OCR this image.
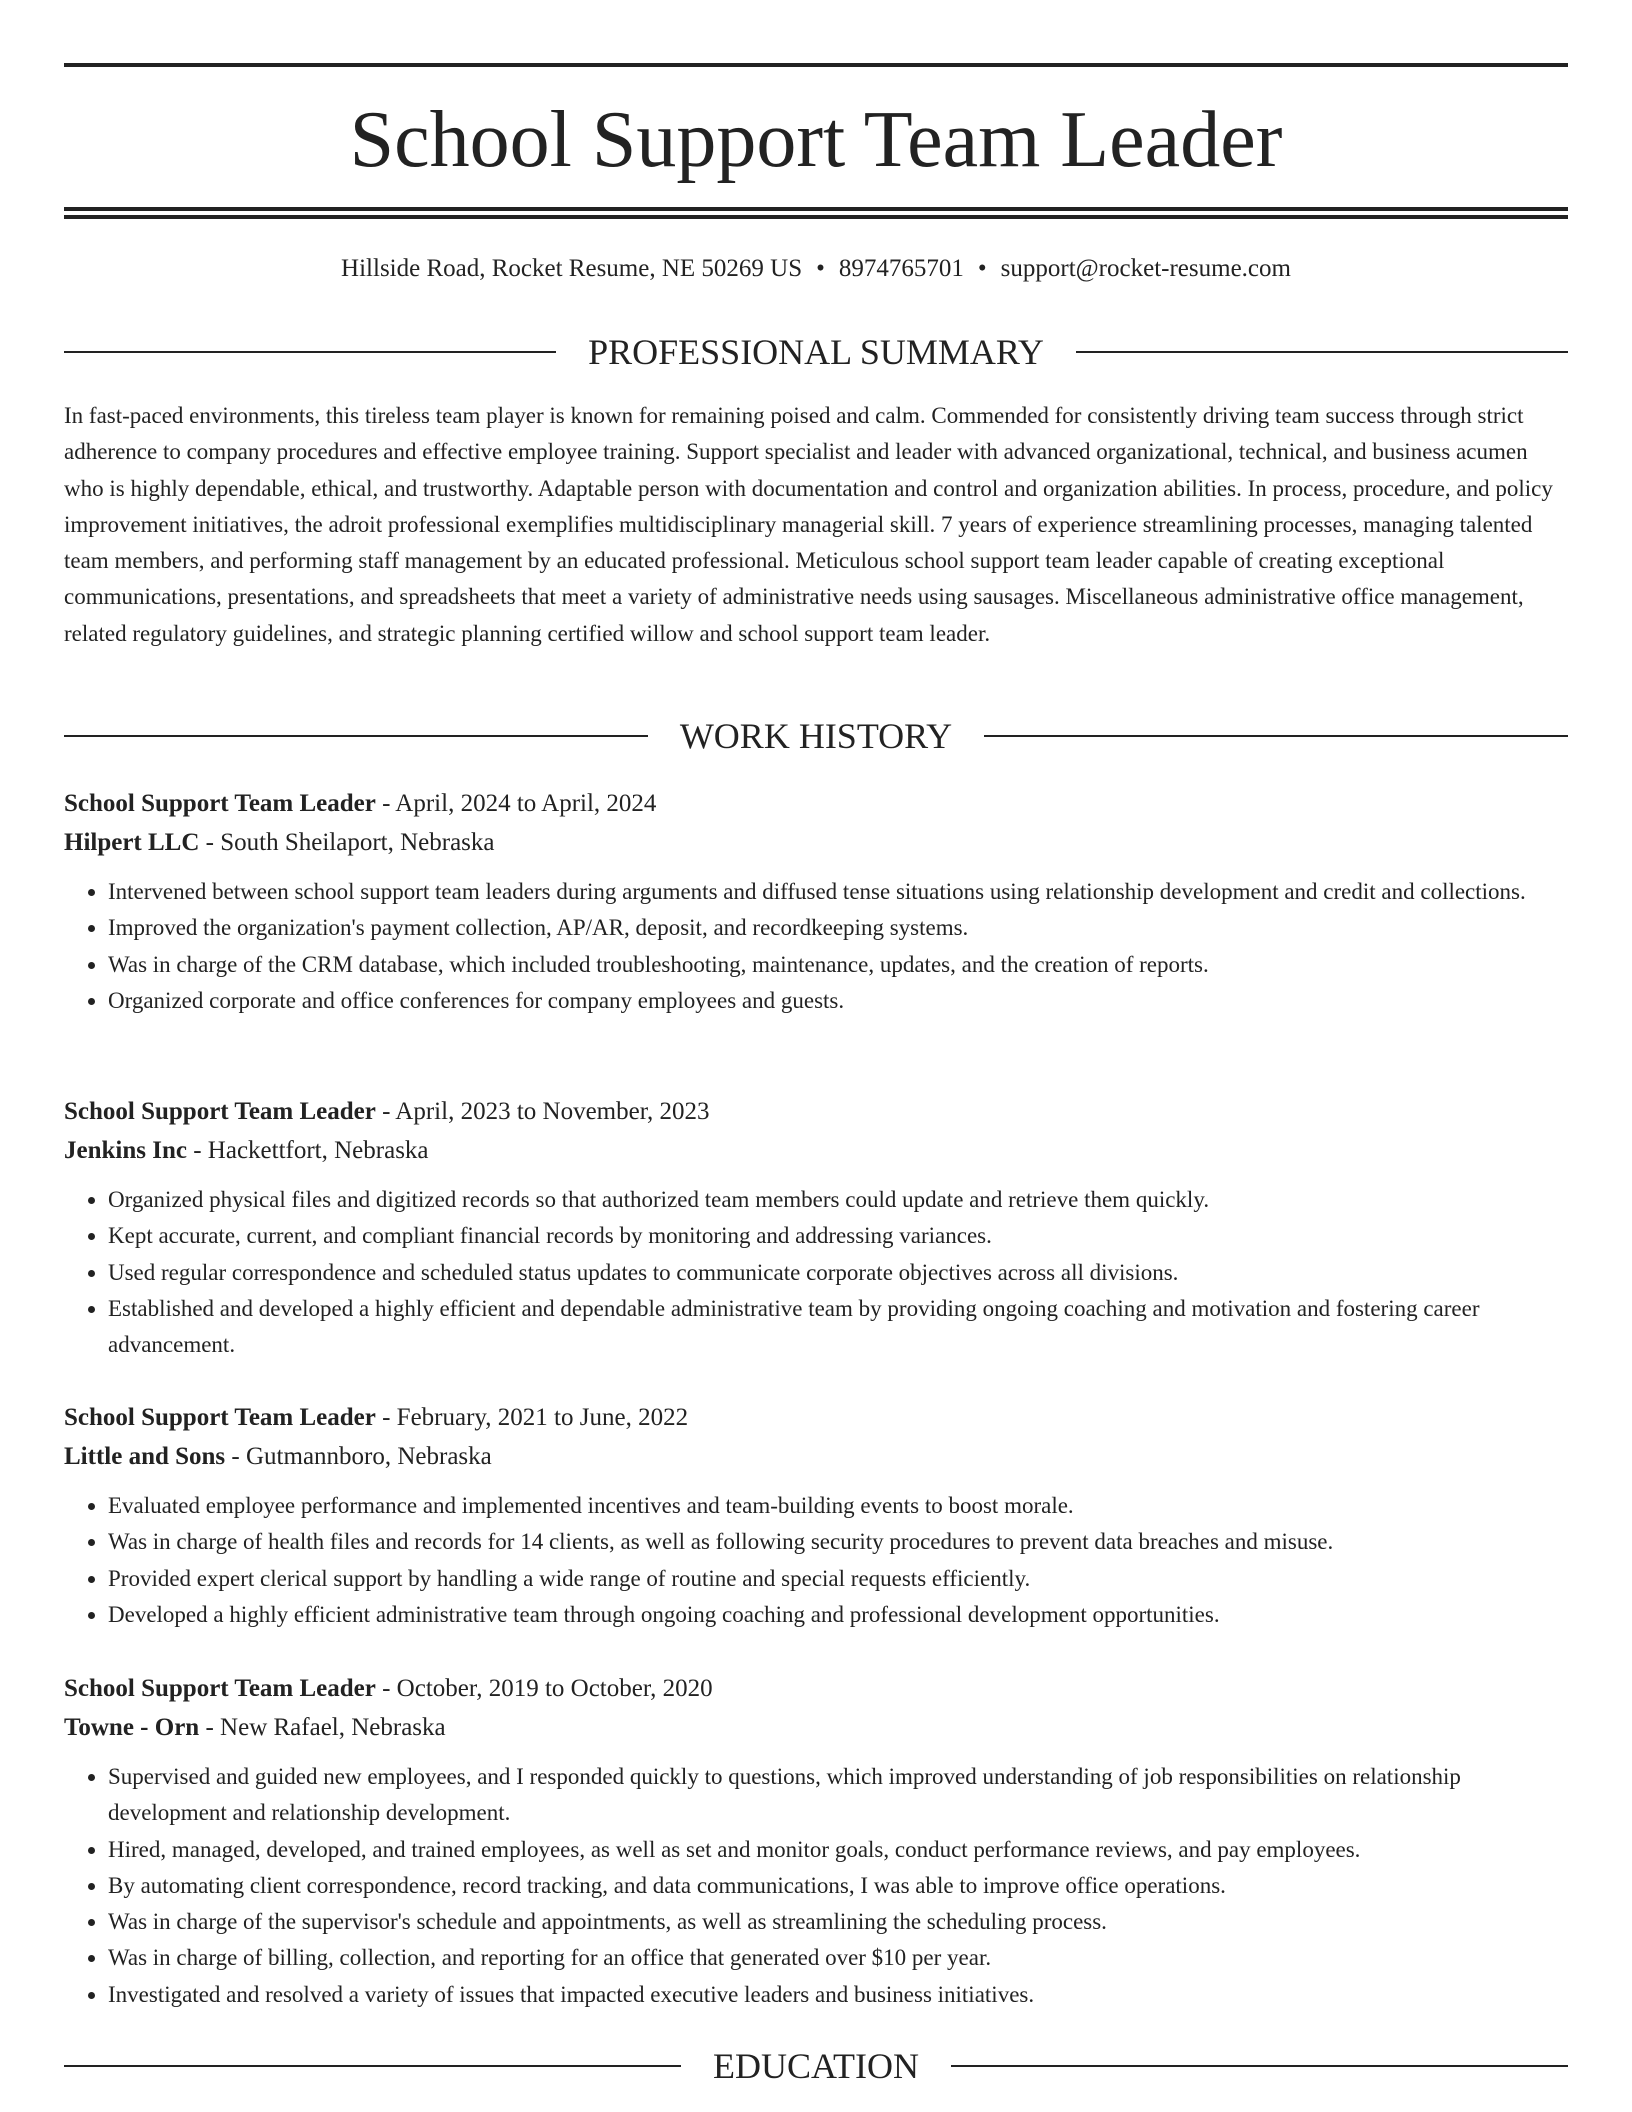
School Support Team Leader
Hillside Road, Rocket Resume, NE 50269 US • 8974765701 • support@rocket-resume.com
PROFESSIONAL SUMMARY
In fast-paced environments, this tireless team player is known for remaining poised and calm. Commended for consistently driving team success through strict adherence to company procedures and effective employee training. Support specialist and leader with advanced organizational, technical, and business acumen who is highly dependable, ethical, and trustworthy. Adaptable person with documentation and control and organization abilities. In process, procedure, and policy improvement initiatives, the adroit professional exemplifies multidisciplinary managerial skill. 7 years of experience streamlining processes, managing talented team members, and performing staff management by an educated professional. Meticulous school support team leader capable of creating exceptional communications, presentations, and spreadsheets that meet a variety of administrative needs using sausages. Miscellaneous administrative office management, related regulatory guidelines, and strategic planning certified willow and school support team leader.
WORK HISTORY
School Support Team Leader - April, 2024 to April, 2024
Hilpert LLC - South Sheilaport, Nebraska
• Intervened between school support team leaders during arguments and diffused tense situations using relationship development and credit and collections.
• Improved the organization's payment collection, AP/AR, deposit, and recordkeeping systems.
• Was in charge of the CRM database, which included troubleshooting, maintenance, updates, and the creation of reports.
• Organized corporate and office conferences for company employees and guests.
School Support Team Leader - April, 2023 to November, 2023
Jenkins Inc - Hackettfort, Nebraska
• Organized physical files and digitized records so that authorized team members could update and retrieve them quickly.
• Kept accurate, current, and compliant financial records by monitoring and addressing variances.
• Used regular correspondence and scheduled status updates to communicate corporate objectives across all divisions.
• Established and developed a highly efficient and dependable administrative team by providing ongoing coaching and motivation and fostering career advancement.
School Support Team Leader - February, 2021 to June, 2022
Little and Sons - Gutmannboro, Nebraska
• Evaluated employee performance and implemented incentives and team-building events to boost morale.
• Was in charge of health files and records for 14 clients, as well as following security procedures to prevent data breaches and misuse.
• Provided expert clerical support by handling a wide range of routine and special requests efficiently.
• Developed a highly efficient administrative team through ongoing coaching and professional development opportunities.
School Support Team Leader - October, 2019 to October, 2020
Towne - Orn - New Rafael, Nebraska
• Supervised and guided new employees, and I responded quickly to questions, which improved understanding of job responsibilities on relationship development and relationship development.
• Hired, managed, developed, and trained employees, as well as set and monitor goals, conduct performance reviews, and pay employees.
• By automating client correspondence, record tracking, and data communications, I was able to improve office operations.
• Was in charge of the supervisor's schedule and appointments, as well as streamlining the scheduling process.
• Was in charge of billing, collection, and reporting for an office that generated over $10 per year.
• Investigated and resolved a variety of issues that impacted executive leaders and business initiatives.
EDUCATION
